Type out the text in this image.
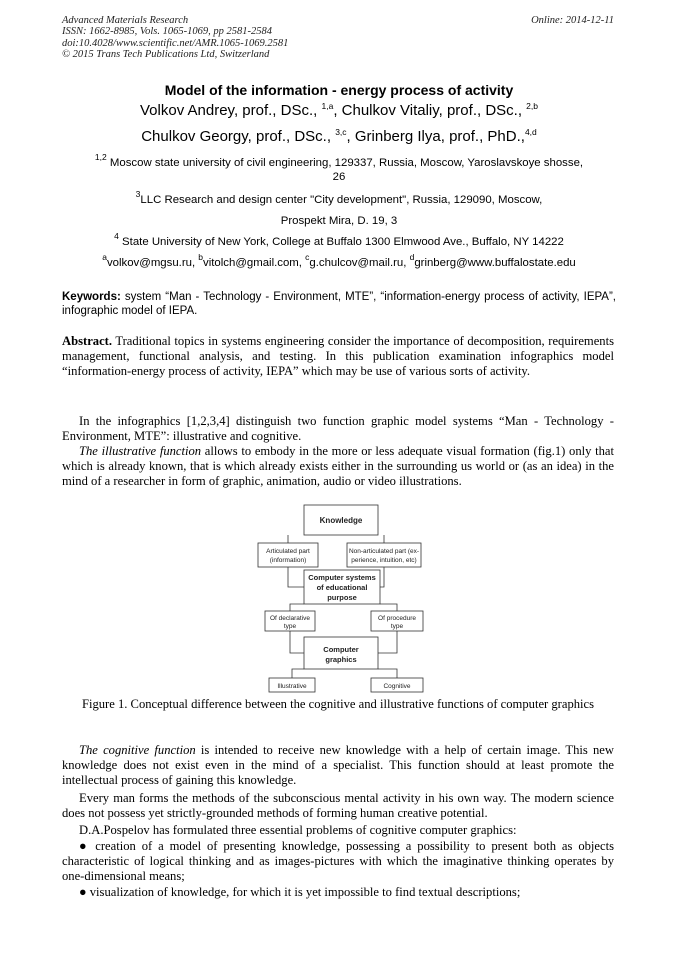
Advanced Materials Research
ISSN: 1662-8985, Vols. 1065-1069, pp 2581-2584
doi:10.4028/www.scientific.net/AMR.1065-1069.2581
© 2015 Trans Tech Publications Ltd, Switzerland
Online: 2014-12-11
Model of the information - energy process of activity
Volkov Andrey, prof., DSc., $^{1,a}$, Chulkov Vitaliy, prof., DSc., $^{2,b}$
Chulkov Georgy, prof., DSc., $^{3,c}$, Grinberg Ilya, prof., PhD.,$^{4,d}$
$^{1,2}$ Moscow state university of civil engineering, 129337, Russia, Moscow, Yaroslavskoye shosse,
26
$^3$LLC Research and design center "City development", Russia, 129090, Moscow,
Prospekt Mira, D. 19, 3
$^4$ State University of New York, College at Buffalo 1300 Elmwood Ave., Buffalo, NY 14222
$^a$volkov@mgsu.ru, $^b$vitolch@gmail.com, $^c$g.chulcov@mail.ru, $^d$grinberg@www.buffalostate.edu
Keywords: system “Man - Technology - Environment, MTE”, “information-energy process of activity, IEPA”, infographic model of IEPA.
Abstract. Traditional topics in systems engineering consider the importance of decomposition, requirements management, functional analysis, and testing. In this publication examination infographics model “information-energy process of activity, IEPA” which may be use of various sorts of activity.
In the infographics [1,2,3,4] distinguish two function graphic model systems “Man - Technology - Environment, MTE”: illustrative and cognitive.
The illustrative function allows to embody in the more or less adequate visual formation (fig.1) only that which is already known, that is which already exists either in the surrounding us world or (as an idea) in the mind of a researcher in form of graphic, animation, audio or video illustrations.
Knowledge
Articulated part
(information)
Non-articulated part (ex-
perience, intuition, etc)
Computer systems
of educational
purpose
Of declarative
type
Of procedure
type
Computer
graphics
Illustrative	Cognitive
Figure 1. Conceptual difference between the cognitive and illustrative functions of computer graphics
The cognitive function is intended to receive new knowledge with a help of certain image. This new knowledge does not exist even in the mind of a specialist. This function should at least promote the intellectual process of gaining this knowledge.
Every man forms the methods of the subconscious mental activity in his own way. The modern science does not possess yet strictly-grounded methods of forming human creative potential.
D.A.Pospelov has formulated three essential problems of cognitive computer graphics:
● creation of a model of presenting knowledge, possessing a possibility to present both as objects characteristic of logical thinking and as images-pictures with which the imaginative thinking operates by one-dimensional means;
● visualization of knowledge, for which it is yet impossible to find textual descriptions;
